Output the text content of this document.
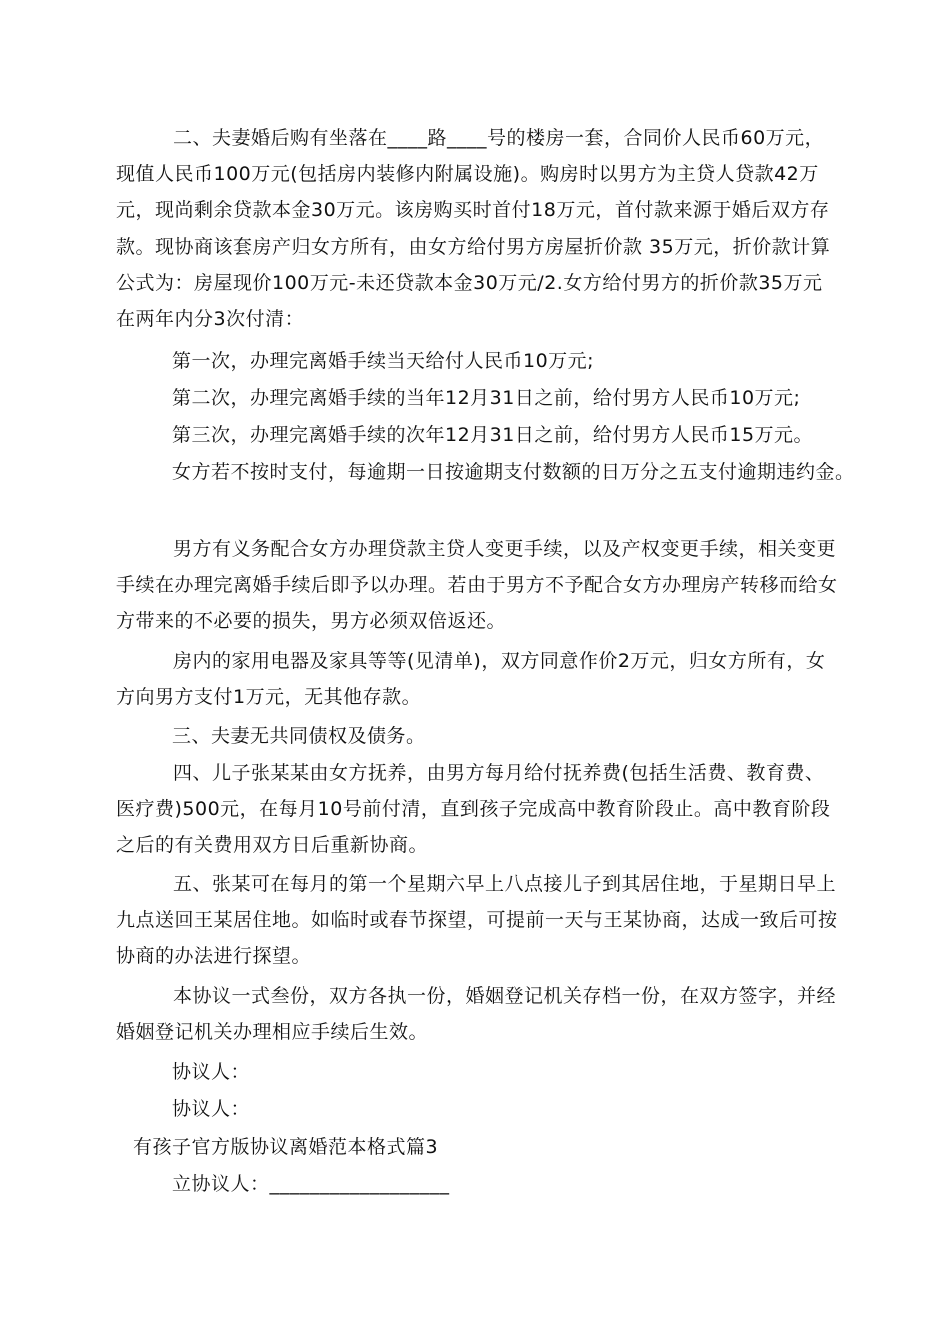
二、夫妻婚后购有坐落在____路____号的楼房一套，合同价人民币60万元，现值人民币100万元(包括房内装修内附属设施)。购房时以男方为主贷人贷款42万元，现尚剩余贷款本金30万元。该房购买时首付18万元，首付款来源于婚后双方存款。现协商该套房产归女方所有，由女方给付男方房屋折价款 35万元，折价款计算公式为：房屋现价100万元-未还贷款本金30万元/2.女方给付男方的折价款35万元在两年内分3次付清：

第一次，办理完离婚手续当天给付人民币10万元;

第二次，办理完离婚手续的当年12月31日之前，给付男方人民币10万元;

第三次，办理完离婚手续的次年12月31日之前，给付男方人民币15万元。

女方若不按时支付，每逾期一日按逾期支付数额的日万分之五支付逾期违约金。

男方有义务配合女方办理贷款主贷人变更手续，以及产权变更手续，相关变更手续在办理完离婚手续后即予以办理。若由于男方不予配合女方办理房产转移而给女方带来的不必要的损失，男方必须双倍返还。

房内的家用电器及家具等等(见清单)，双方同意作价2万元，归女方所有，女方向男方支付1万元，无其他存款。

三、夫妻无共同债权及债务。

四、儿子张某某由女方抚养，由男方每月给付抚养费(包括生活费、教育费、医疗费)500元，在每月10号前付清，直到孩子完成高中教育阶段止。高中教育阶段之后的有关费用双方日后重新协商。

五、张某可在每月的第一个星期六早上八点接儿子到其居住地，于星期日早上九点送回王某居住地。如临时或春节探望，可提前一天与王某协商，达成一致后可按协商的办法进行探望。

本协议一式叁份，双方各执一份，婚姻登记机关存档一份，在双方签字，并经婚姻登记机关办理相应手续后生效。

协议人：

协议人：

有孩子官方版协议离婚范本格式篇3

立协议人：__________________
